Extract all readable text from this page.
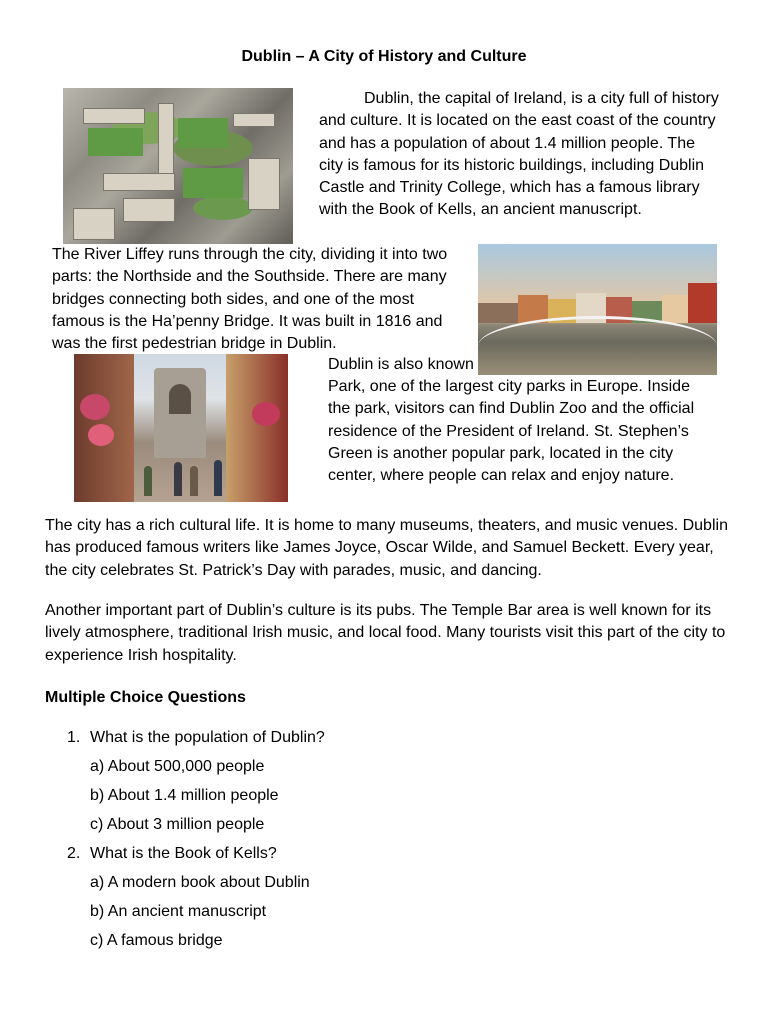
Dublin – A City of History and Culture

Dublin, the capital of Ireland, is a city full of history and culture. It is located on the east coast of the country and has a population of about 1.4 million people. The city is famous for its historic buildings, including Dublin Castle and Trinity College, which has a famous library with the Book of Kells, an ancient manuscript.

The River Liffey runs through the city, dividing it into two parts: the Northside and the Southside. There are many bridges connecting both sides, and one of the most famous is the Ha’penny Bridge. It was built in 1816 and was the first pedestrian bridge in Dublin.

Dublin is also known

Park, one of the largest city parks in Europe. Inside the park, visitors can find Dublin Zoo and the official residence of the President of Ireland. St. Stephen’s Green is another popular park, located in the city center, where people can relax and enjoy nature.

The city has a rich cultural life. It is home to many museums, theaters, and music venues. Dublin has produced famous writers like James Joyce, Oscar Wilde, and Samuel Beckett. Every year, the city celebrates St. Patrick’s Day with parades, music, and dancing.

Another important part of Dublin’s culture is its pubs. The Temple Bar area is well known for its lively atmosphere, traditional Irish music, and local food. Many tourists visit this part of the city to experience Irish hospitality.

Multiple Choice Questions
1. What is the population of Dublin?
a) About 500,000 people
b) About 1.4 million people
c) About 3 million people
2. What is the Book of Kells?
a) A modern book about Dublin
b) An ancient manuscript
c) A famous bridge
